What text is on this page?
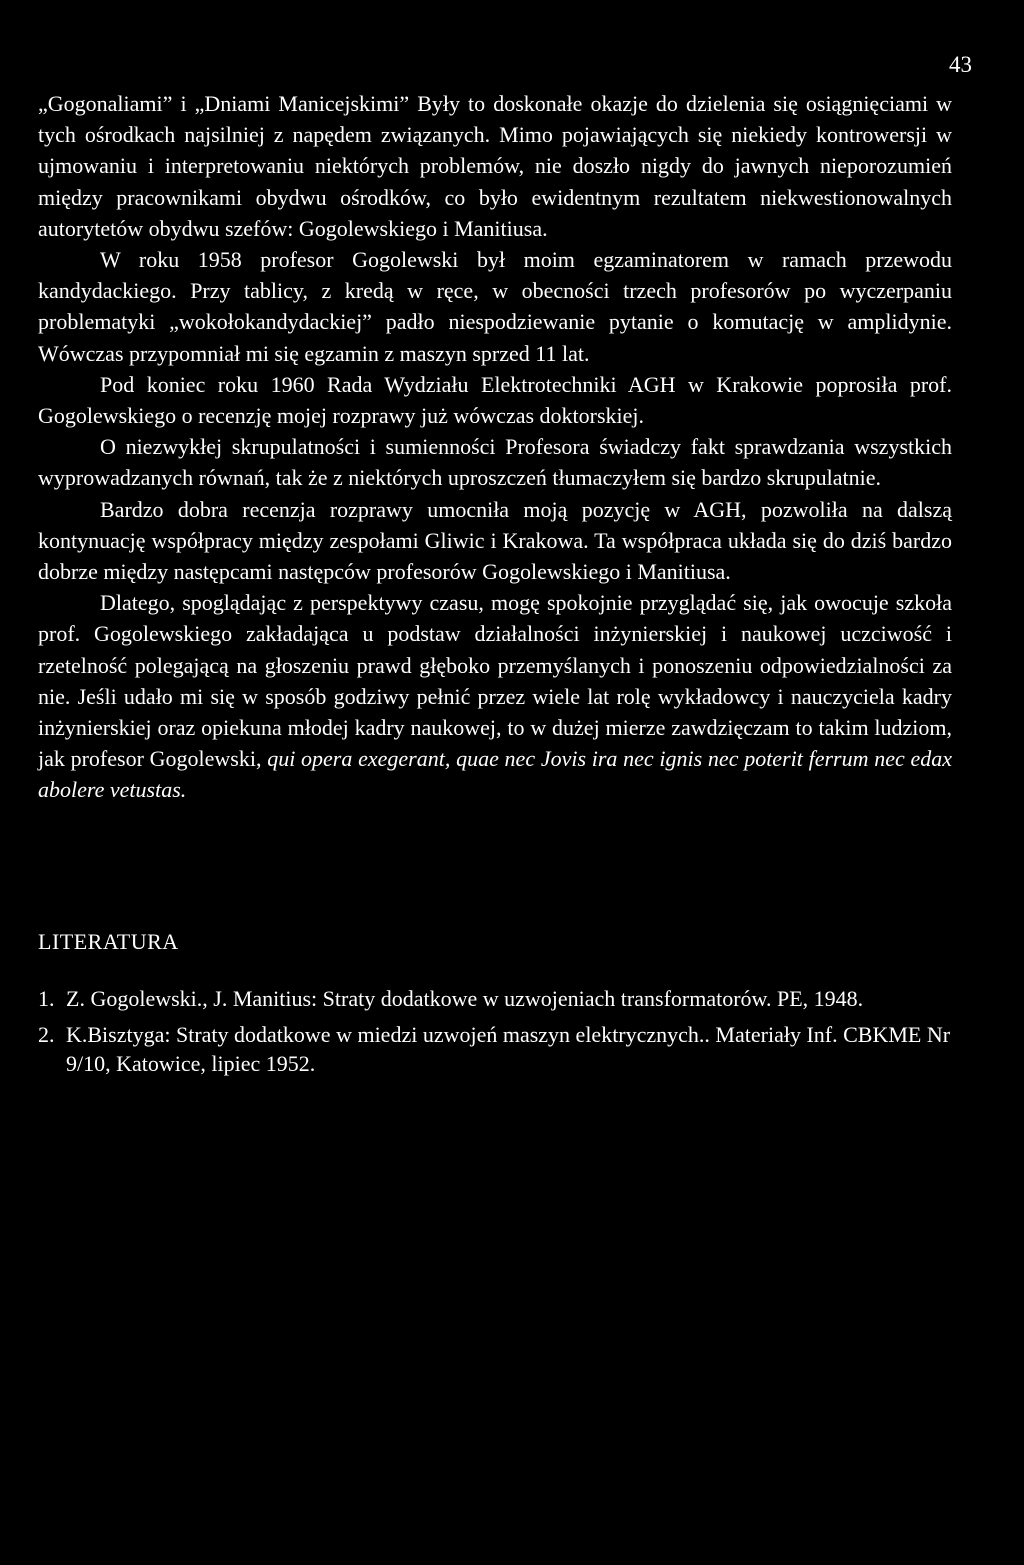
43

„Gogonaliami” i „Dniami Manicejskimi” Były to doskonałe okazje do dzielenia się osiągnięciami w tych ośrodkach najsilniej z napędem związanych. Mimo pojawiających się niekiedy kontrowersji w ujmowaniu i interpretowaniu niektórych problemów, nie doszło nigdy do jawnych nieporozumień między pracownikami obydwu ośrodków, co było ewidentnym rezultatem niekwestionowalnych autorytetów obydwu szefów: Gogolewskiego i Manitiusa.

W roku 1958 profesor Gogolewski był moim egzaminatorem w ramach przewodu kandydackiego. Przy tablicy, z kredą w ręce, w obecności trzech profesorów po wyczerpaniu problematyki „wokołokandydackiej” padło niespodziewanie pytanie o komutację w amplidynie. Wówczas przypomniał mi się egzamin z maszyn sprzed 11 lat.

Pod koniec roku 1960 Rada Wydziału Elektrotechniki AGH w Krakowie poprosiła prof. Gogolewskiego o recenzję mojej rozprawy już wówczas doktorskiej.

O niezwykłej skrupulatności i sumienności Profesora świadczy fakt sprawdzania wszystkich wyprowadzanych równań, tak że z niektórych uproszczeń tłumaczyłem się bardzo skrupulatnie.

Bardzo dobra recenzja rozprawy umocniła moją pozycję w AGH, pozwoliła na dalszą kontynuację współpracy między zespołami Gliwic i Krakowa. Ta współpraca układa się do dziś bardzo dobrze między następcami następców profesorów Gogolewskiego i Manitiusa.

Dlatego, spoglądając z perspektywy czasu, mogę spokojnie przyglądać się, jak owocuje szkoła prof. Gogolewskiego zakładająca u podstaw działalności inżynierskiej i naukowej uczciwość i rzetelność polegającą na głoszeniu prawd głęboko przemyślanych i ponoszeniu odpowiedzialności za nie. Jeśli udało mi się w sposób godziwy pełnić przez wiele lat rolę wykładowcy i nauczyciela kadry inżynierskiej oraz opiekuna młodej kadry naukowej, to w dużej mierze zawdzięczam to takim ludziom, jak profesor Gogolewski, qui opera exegerant, quae nec Jovis ira nec ignis nec poterit ferrum nec edax abolere vetustas.

LITERATURA
1. Z. Gogolewski., J. Manitius: Straty dodatkowe w uzwojeniach transformatorów. PE, 1948.
2. K.Bisztyga: Straty dodatkowe w miedzi uzwojeń maszyn elektrycznych.. Materiały Inf. CBKME Nr 9/10, Katowice, lipiec 1952.
